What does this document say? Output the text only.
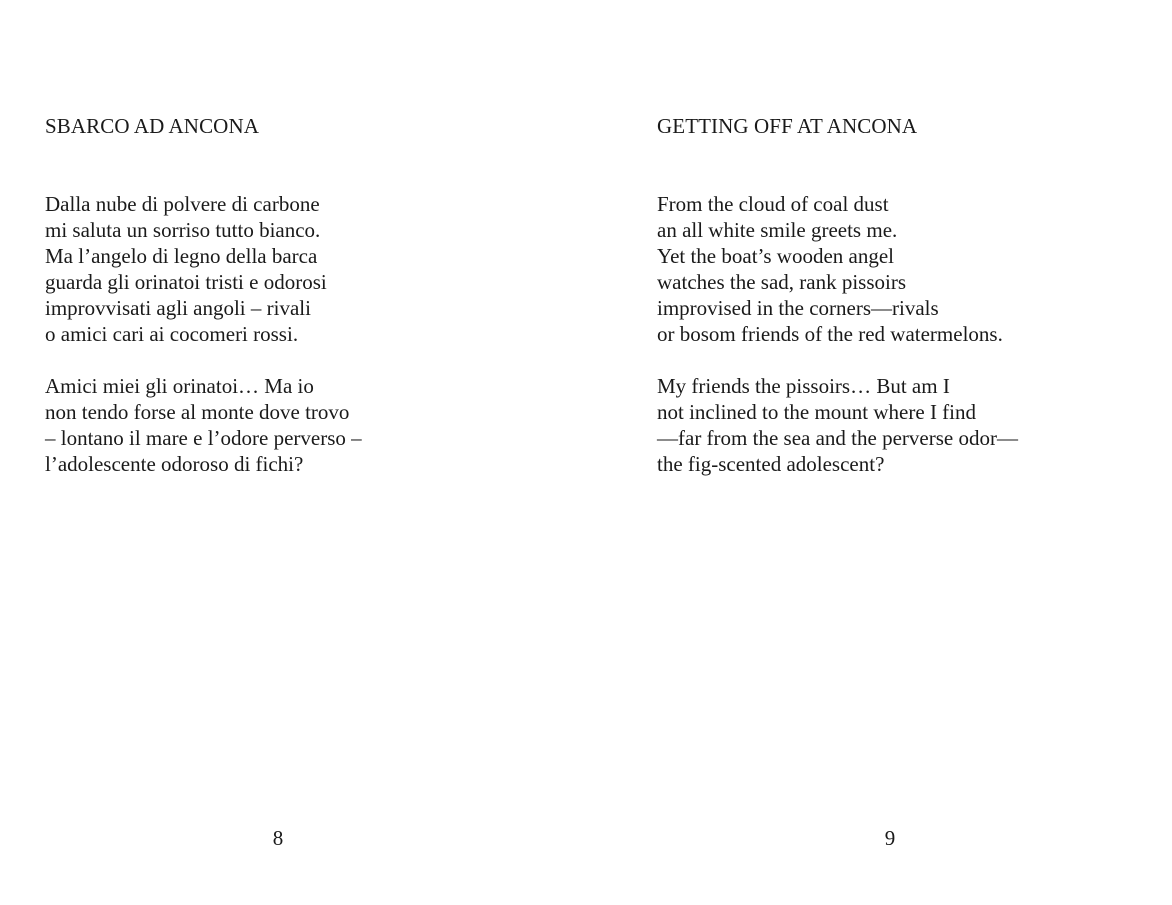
SBARCO AD ANCONA
Dalla nube di polvere di carbone
mi saluta un sorriso tutto bianco.
Ma l’angelo di legno della barca
guarda gli orinatoi tristi e odorosi
improvvisati agli angoli – rivali
o amici cari ai cocomeri rossi.
Amici miei gli orinatoi… Ma io
non tendo forse al monte dove trovo
– lontano il mare e l’odore perverso –
l’adolescente odoroso di fichi?
8
GETTING OFF AT ANCONA
From the cloud of coal dust
an all white smile greets me.
Yet the boat’s wooden angel
watches the sad, rank pissoirs
improvised in the corners—rivals
or bosom friends of the red watermelons.
My friends the pissoirs… But am I
not inclined to the mount where I find
—far from the sea and the perverse odor—
the fig-scented adolescent?
9
